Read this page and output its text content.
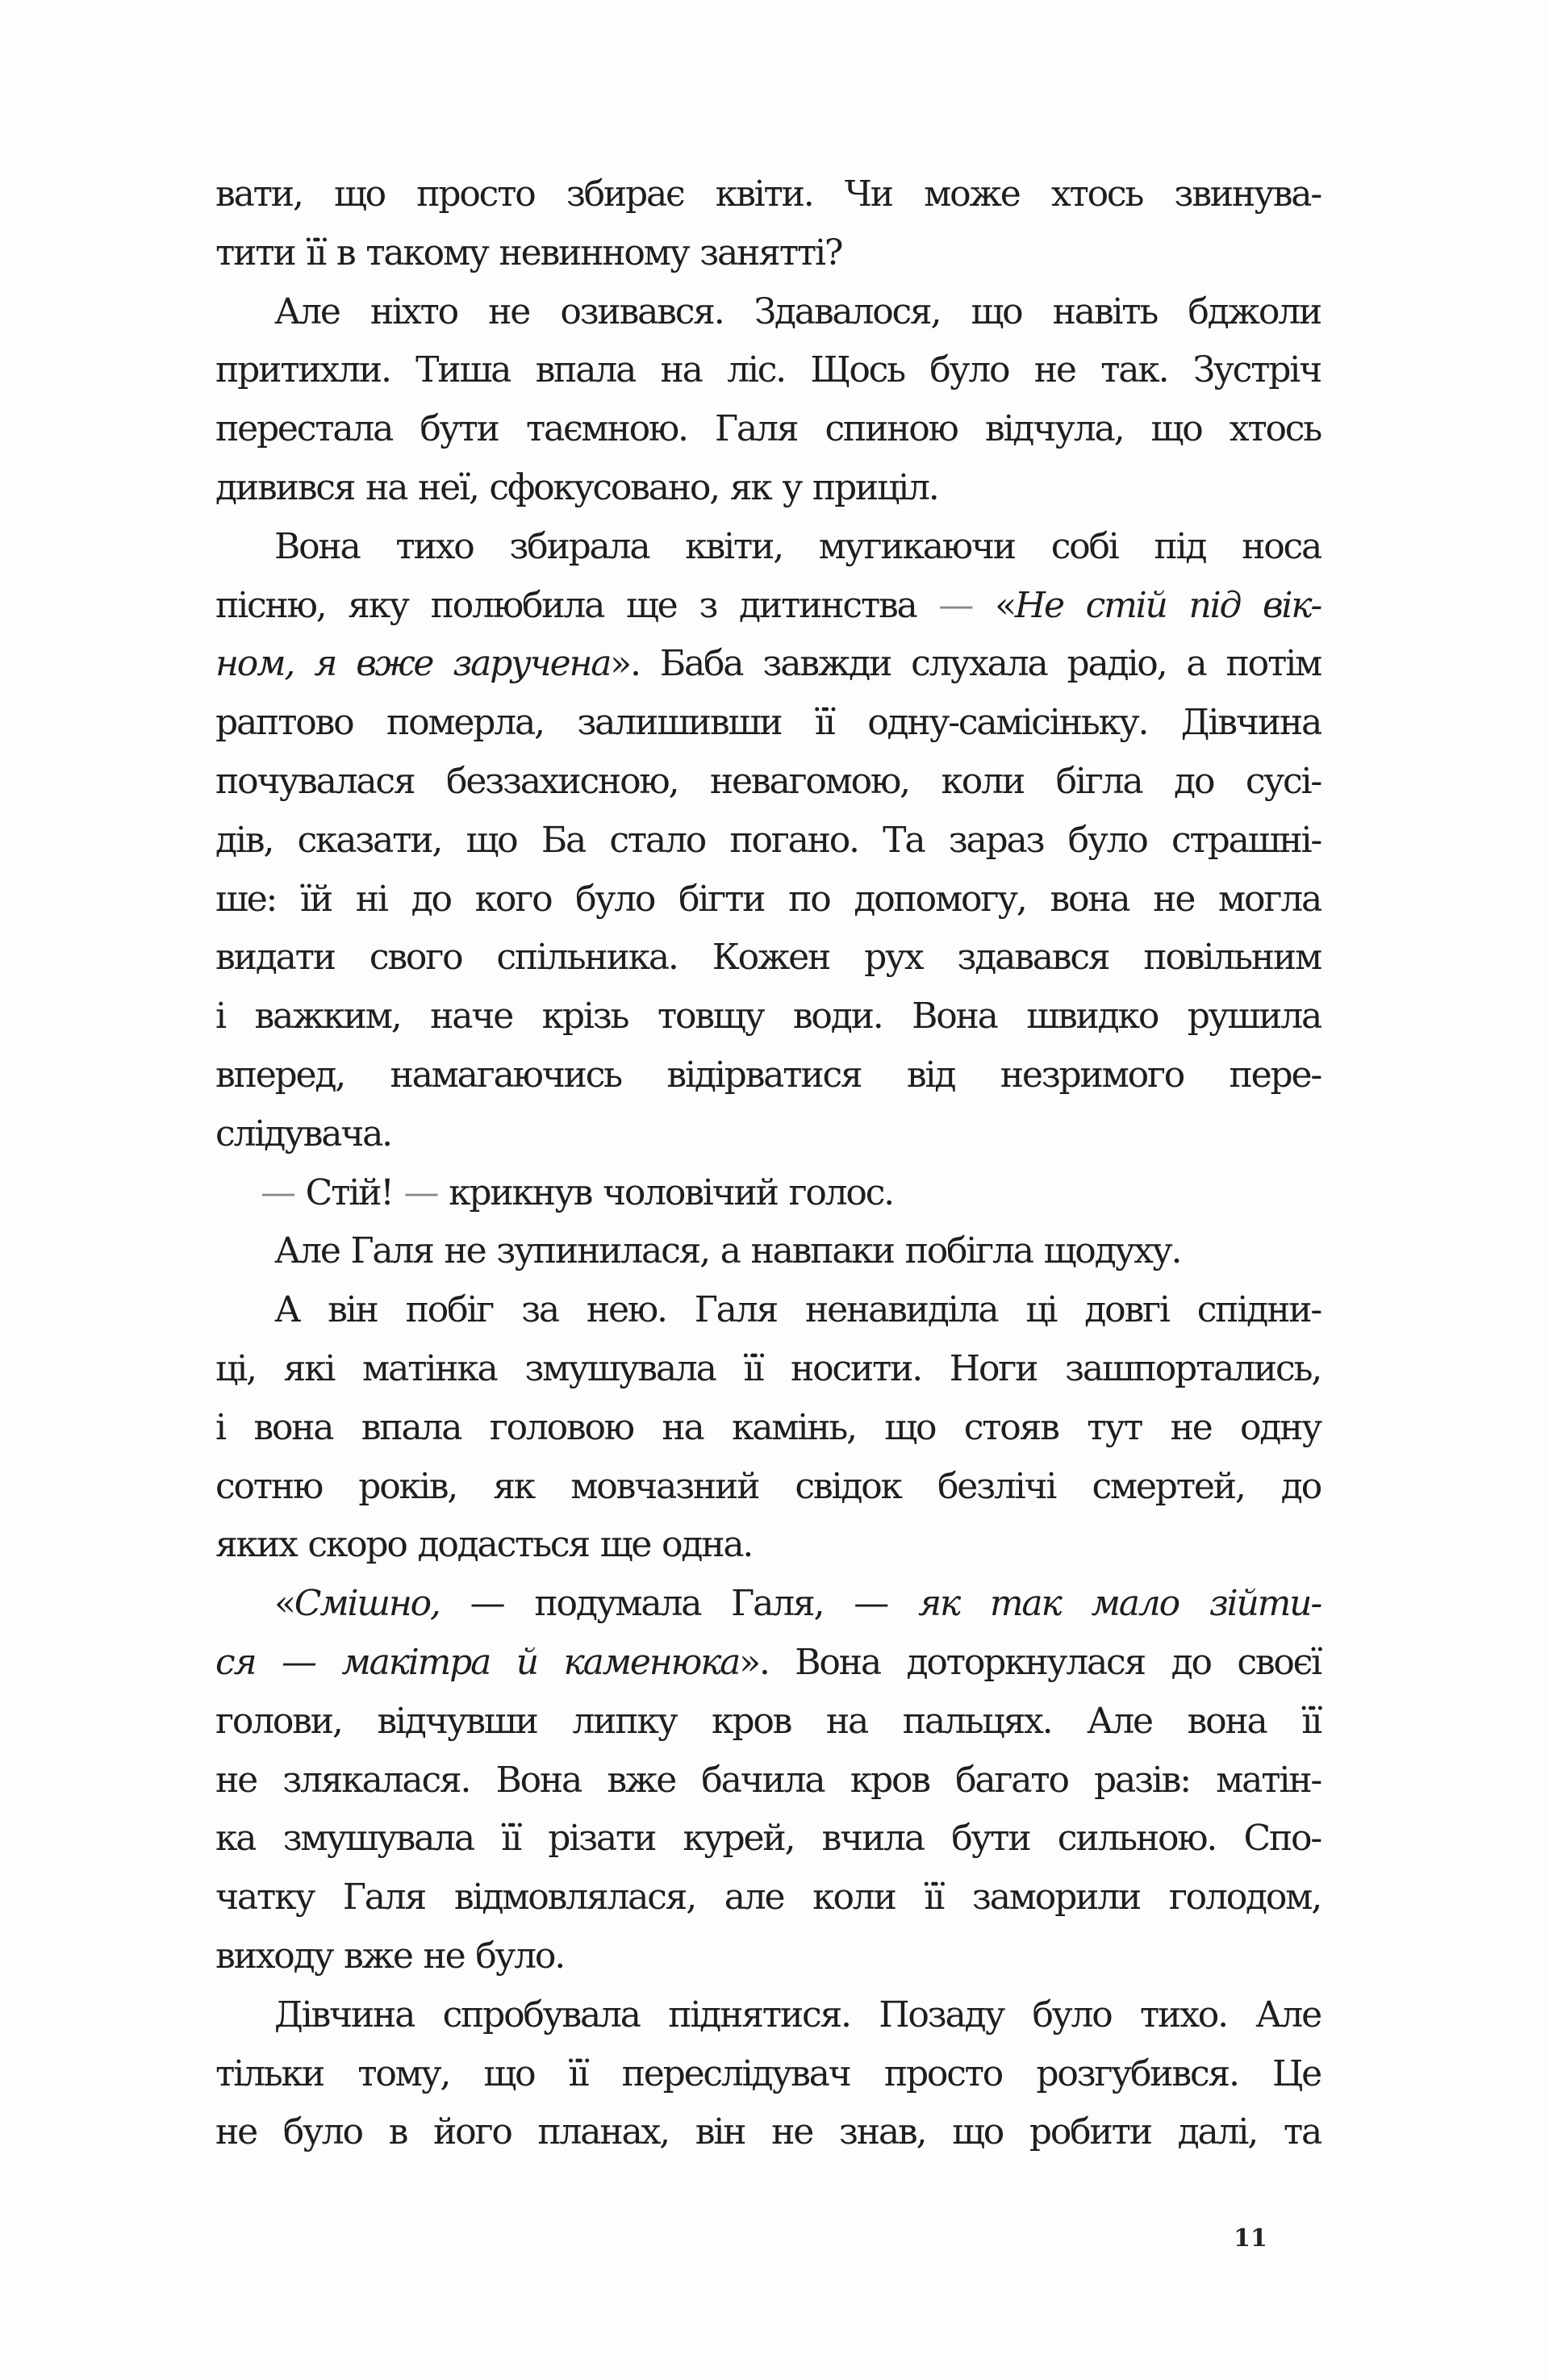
вати, що просто збирає квіти. Чи може хтось звинува-
тити її в такому невинному занятті?
Але ніхто не озивався. Здавалося, що навіть бджоли
притихли. Тиша впала на ліс. Щось було не так. Зустріч
перестала бути таємною. Галя спиною відчула, що хтось
дивився на неї, сфокусовано, як у приціл.
Вона тихо збирала квіти, мугикаючи собі під носа
пісню, яку полюбила ще з дитинства — «Не стій під вік-
ном, я вже заручена». Баба завжди слухала радіо, а потім
раптово померла, залишивши її одну-самісіньку. Дівчина
почувалася беззахисною, невагомою, коли бігла до сусі-
дів, сказати, що Ба стало погано. Та зараз було страшні-
ше: їй ні до кого було бігти по допомогу, вона не могла
видати свого спільника. Кожен рух здавався повільним
і важким, наче крізь товщу води. Вона швидко рушила
вперед, намагаючись відірватися від незримого пере-
слідувача.
— Стій! — крикнув чоловічий голос.
Але Галя не зупинилася, а навпаки побігла щодуху.
А він побіг за нею. Галя ненавиділа ці довгі спідни-
ці, які матінка змушувала її носити. Ноги зашпортались,
і вона впала головою на камінь, що стояв тут не одну
сотню років, як мовчазний свідок безлічі смертей, до
яких скоро додасться ще одна.
«Смішно, — подумала Галя, — як так мало зійти-
ся — макітра й каменюка». Вона доторкнулася до своєї
голови, відчувши липку кров на пальцях. Але вона її
не злякалася. Вона вже бачила кров багато разів: матін-
ка змушувала її різати курей, вчила бути сильною. Спо-
чатку Галя відмовлялася, але коли її заморили голодом,
виходу вже не було.
Дівчина спробувала піднятися. Позаду було тихо. Але
тільки тому, що її переслідувач просто розгубився. Це
не було в його планах, він не знав, що робити далі, та
11
